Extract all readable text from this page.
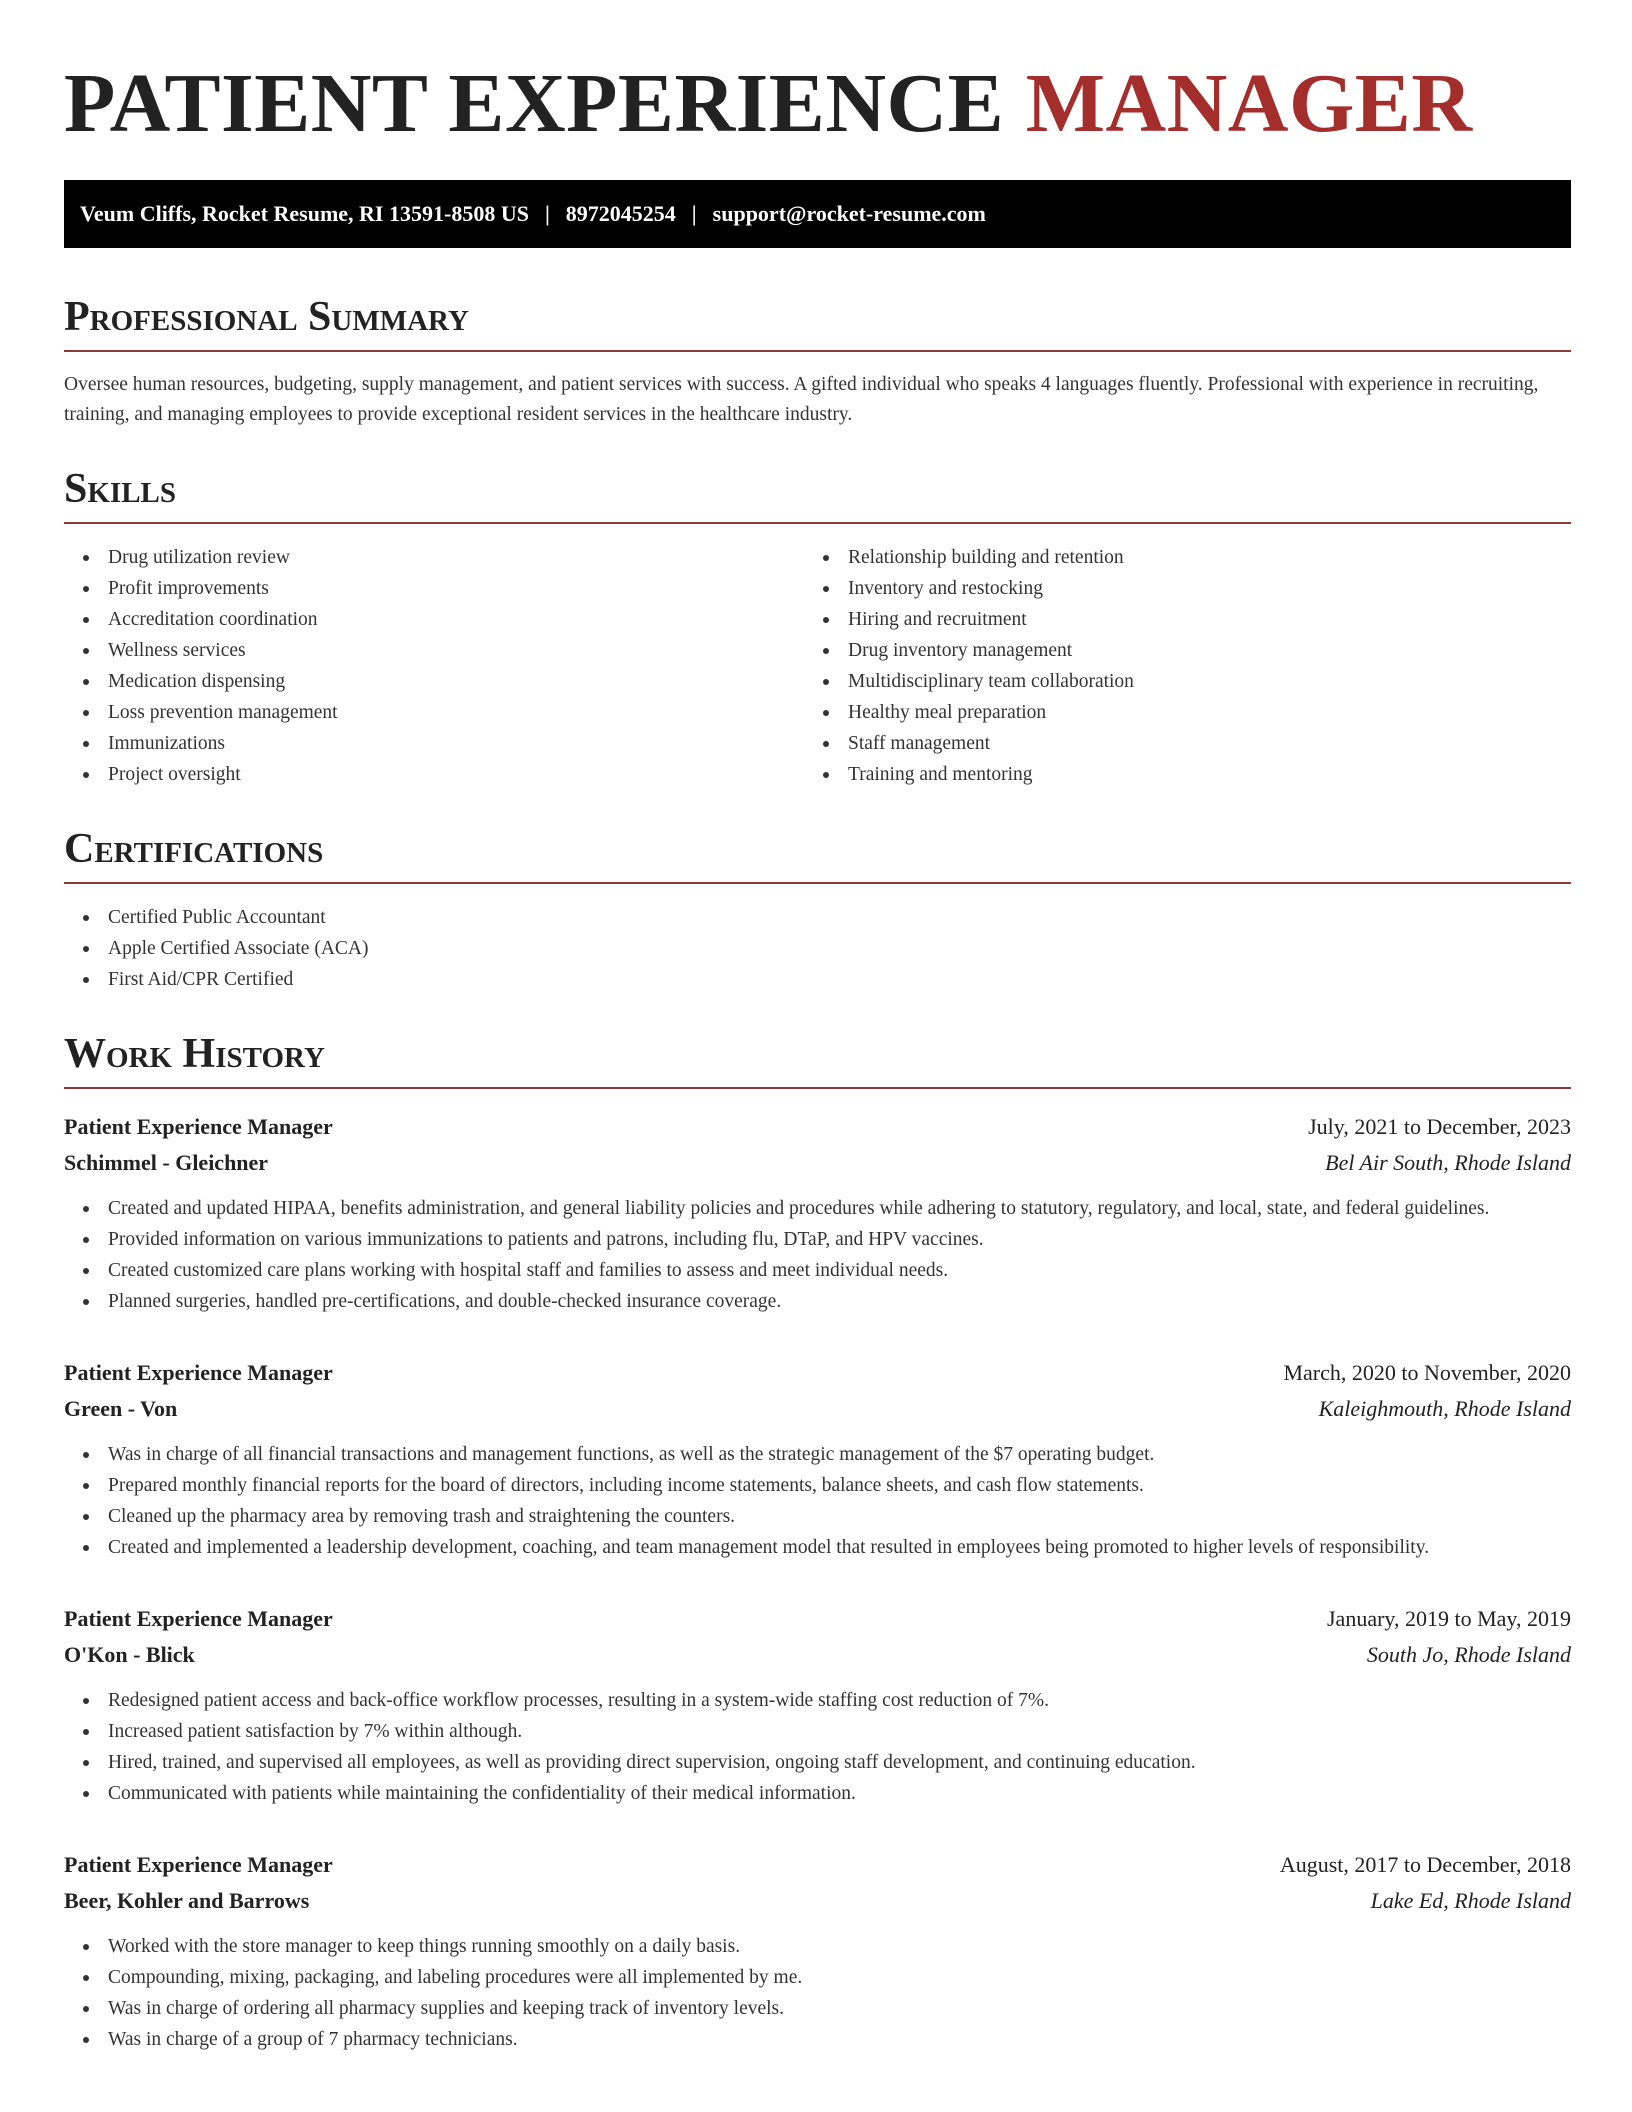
PATIENT EXPERIENCE MANAGER
Veum Cliffs, Rocket Resume, RI 13591-8508 US | 8972045254 | support@rocket-resume.com
Professional Summary
Oversee human resources, budgeting, supply management, and patient services with success. A gifted individual who speaks 4 languages fluently. Professional with experience in recruiting, training, and managing employees to provide exceptional resident services in the healthcare industry.
Skills
Drug utilization review
Profit improvements
Accreditation coordination
Wellness services
Medication dispensing
Loss prevention management
Immunizations
Project oversight
Relationship building and retention
Inventory and restocking
Hiring and recruitment
Drug inventory management
Multidisciplinary team collaboration
Healthy meal preparation
Staff management
Training and mentoring
Certifications
Certified Public Accountant
Apple Certified Associate (ACA)
First Aid/CPR Certified
Work History
Patient Experience Manager	July, 2021 to December, 2023
Schimmel - Gleichner	Bel Air South, Rhode Island
Created and updated HIPAA, benefits administration, and general liability policies and procedures while adhering to statutory, regulatory, and local, state, and federal guidelines.
Provided information on various immunizations to patients and patrons, including flu, DTaP, and HPV vaccines.
Created customized care plans working with hospital staff and families to assess and meet individual needs.
Planned surgeries, handled pre-certifications, and double-checked insurance coverage.
Patient Experience Manager	March, 2020 to November, 2020
Green - Von	Kaleighmouth, Rhode Island
Was in charge of all financial transactions and management functions, as well as the strategic management of the $7 operating budget.
Prepared monthly financial reports for the board of directors, including income statements, balance sheets, and cash flow statements.
Cleaned up the pharmacy area by removing trash and straightening the counters.
Created and implemented a leadership development, coaching, and team management model that resulted in employees being promoted to higher levels of responsibility.
Patient Experience Manager	January, 2019 to May, 2019
O'Kon - Blick	South Jo, Rhode Island
Redesigned patient access and back-office workflow processes, resulting in a system-wide staffing cost reduction of 7%.
Increased patient satisfaction by 7% within although.
Hired, trained, and supervised all employees, as well as providing direct supervision, ongoing staff development, and continuing education.
Communicated with patients while maintaining the confidentiality of their medical information.
Patient Experience Manager	August, 2017 to December, 2018
Beer, Kohler and Barrows	Lake Ed, Rhode Island
Worked with the store manager to keep things running smoothly on a daily basis.
Compounding, mixing, packaging, and labeling procedures were all implemented by me.
Was in charge of ordering all pharmacy supplies and keeping track of inventory levels.
Was in charge of a group of 7 pharmacy technicians.
